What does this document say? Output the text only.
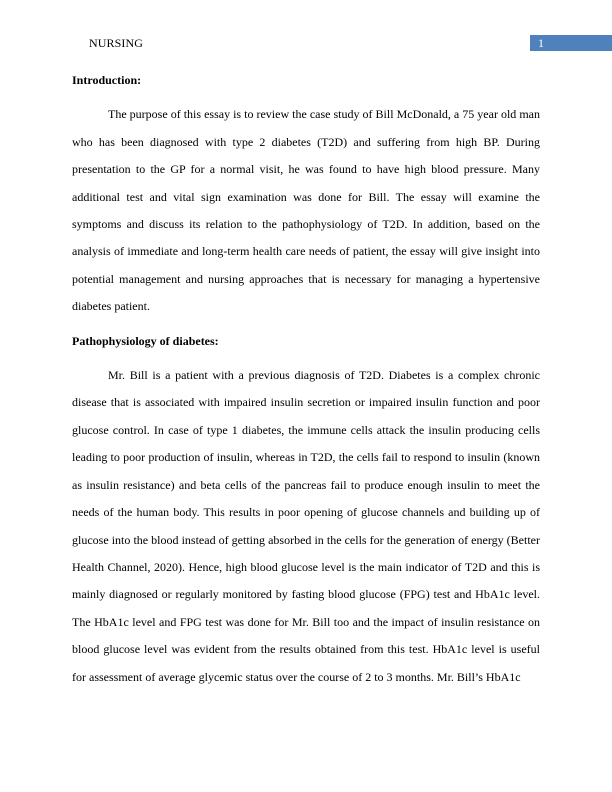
NURSING	1

Introduction:

The purpose of this essay is to review the case study of Bill McDonald, a 75 year old man who has been diagnosed with type 2 diabetes (T2D) and suffering from high BP. During presentation to the GP for a normal visit, he was found to have high blood pressure. Many additional test and vital sign examination was done for Bill. The essay will examine the symptoms and discuss its relation to the pathophysiology of T2D. In addition, based on the analysis of immediate and long-term health care needs of patient, the essay will give insight into potential management and nursing approaches that is necessary for managing a hypertensive diabetes patient.

Pathophysiology of diabetes:

Mr. Bill is a patient with a previous diagnosis of T2D. Diabetes is a complex chronic disease that is associated with impaired insulin secretion or impaired insulin function and poor glucose control. In case of type 1 diabetes, the immune cells attack the insulin producing cells leading to poor production of insulin, whereas in T2D, the cells fail to respond to insulin (known as insulin resistance) and beta cells of the pancreas fail to produce enough insulin to meet the needs of the human body. This results in poor opening of glucose channels and building up of glucose into the blood instead of getting absorbed in the cells for the generation of energy (Better Health Channel, 2020). Hence, high blood glucose level is the main indicator of T2D and this is mainly diagnosed or regularly monitored by fasting blood glucose (FPG) test and HbA1c level. The HbA1c level and FPG test was done for Mr. Bill too and the impact of insulin resistance on blood glucose level was evident from the results obtained from this test. HbA1c level is useful for assessment of average glycemic status over the course of 2 to 3 months. Mr. Bill’s HbA1c
